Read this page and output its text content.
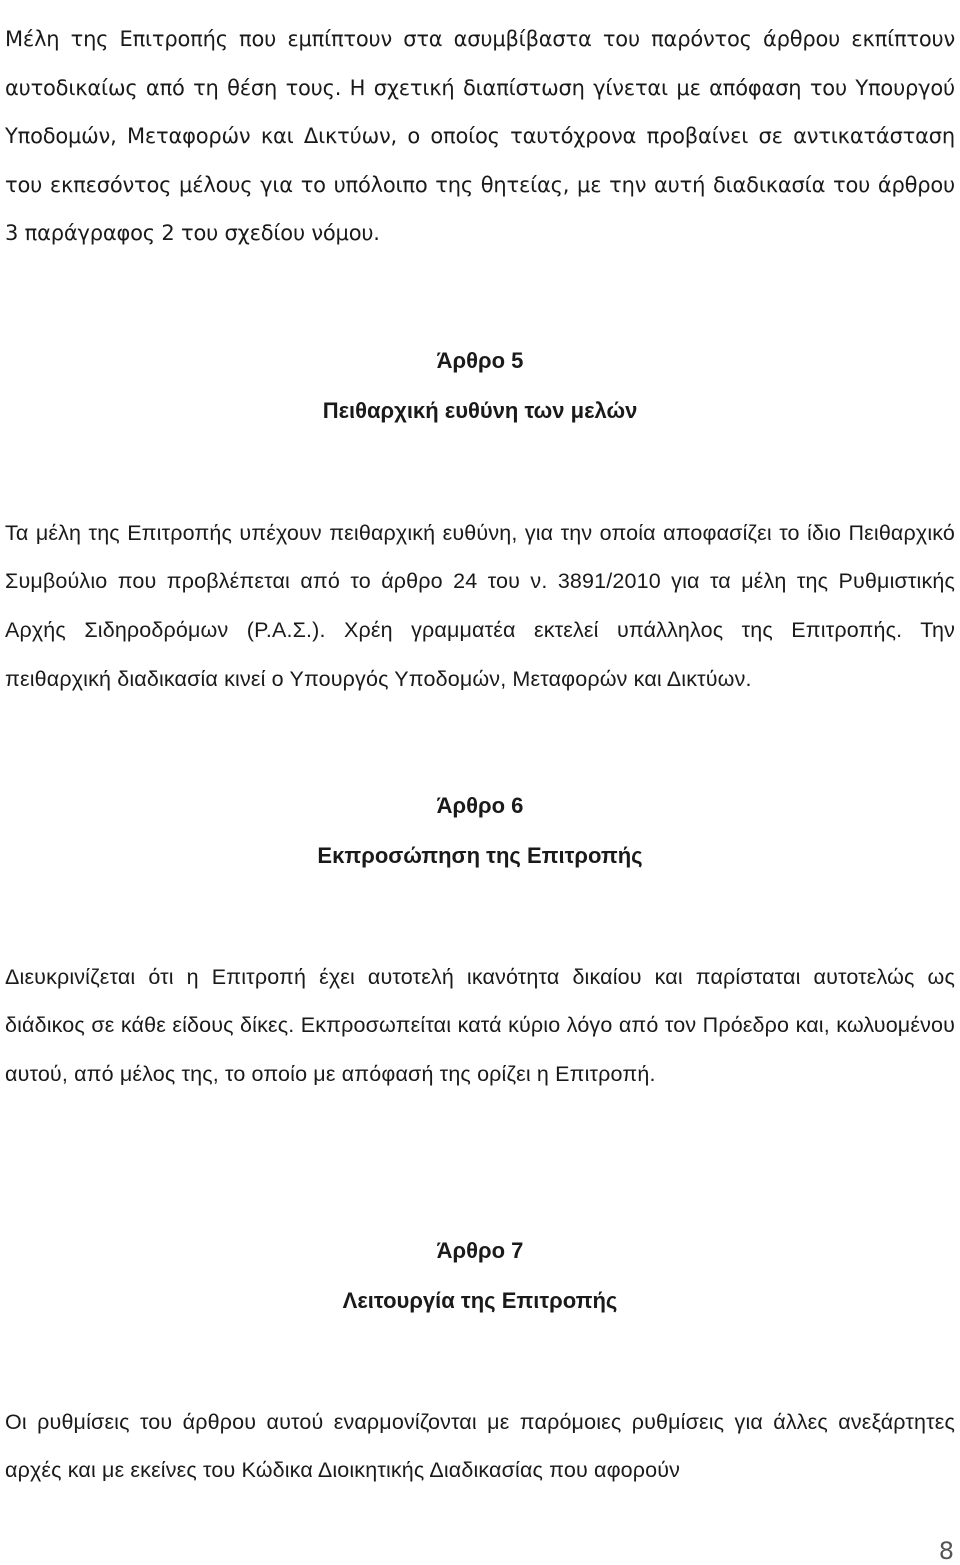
Μέλη της Επιτροπής που εμπίπτουν στα ασυμβίβαστα του παρόντος άρθρου εκπίπτουν αυτοδικαίως από τη θέση τους. Η σχετική διαπίστωση γίνεται με απόφαση του Υπουργού Υποδομών, Μεταφορών και Δικτύων, ο οποίος ταυτόχρονα προβαίνει σε αντικατάσταση του εκπεσόντος μέλους για το υπόλοιπο της θητείας, με την αυτή διαδικασία του άρθρου 3 παράγραφος 2 του σχεδίου νόμου.

Άρθρο 5
Πειθαρχική ευθύνη των μελών

Τα μέλη της Επιτροπής υπέχουν πειθαρχική ευθύνη, για την οποία αποφασίζει το ίδιο Πειθαρχικό Συμβούλιο που προβλέπεται από το άρθρο 24 του ν. 3891/2010 για τα μέλη της Ρυθμιστικής Αρχής Σιδηροδρόμων (Ρ.Α.Σ.). Χρέη γραμματέα εκτελεί υπάλληλος της Επιτροπής. Την πειθαρχική διαδικασία κινεί ο Υπουργός Υποδομών, Μεταφορών και Δικτύων.

Άρθρο 6
Εκπροσώπηση της Επιτροπής

Διευκρινίζεται ότι η Επιτροπή έχει αυτοτελή ικανότητα δικαίου και παρίσταται αυτοτελώς ως διάδικος σε κάθε είδους δίκες. Εκπροσωπείται κατά κύριο λόγο από τον Πρόεδρο και, κωλυομένου αυτού, από μέλος της, το οποίο με απόφασή της ορίζει η Επιτροπή.

Άρθρο 7
Λειτουργία της Επιτροπής

Οι ρυθμίσεις του άρθρου αυτού εναρμονίζονται με παρόμοιες ρυθμίσεις για άλλες ανεξάρτητες αρχές και με εκείνες του Κώδικα Διοικητικής Διαδικασίας που αφορούν

8
